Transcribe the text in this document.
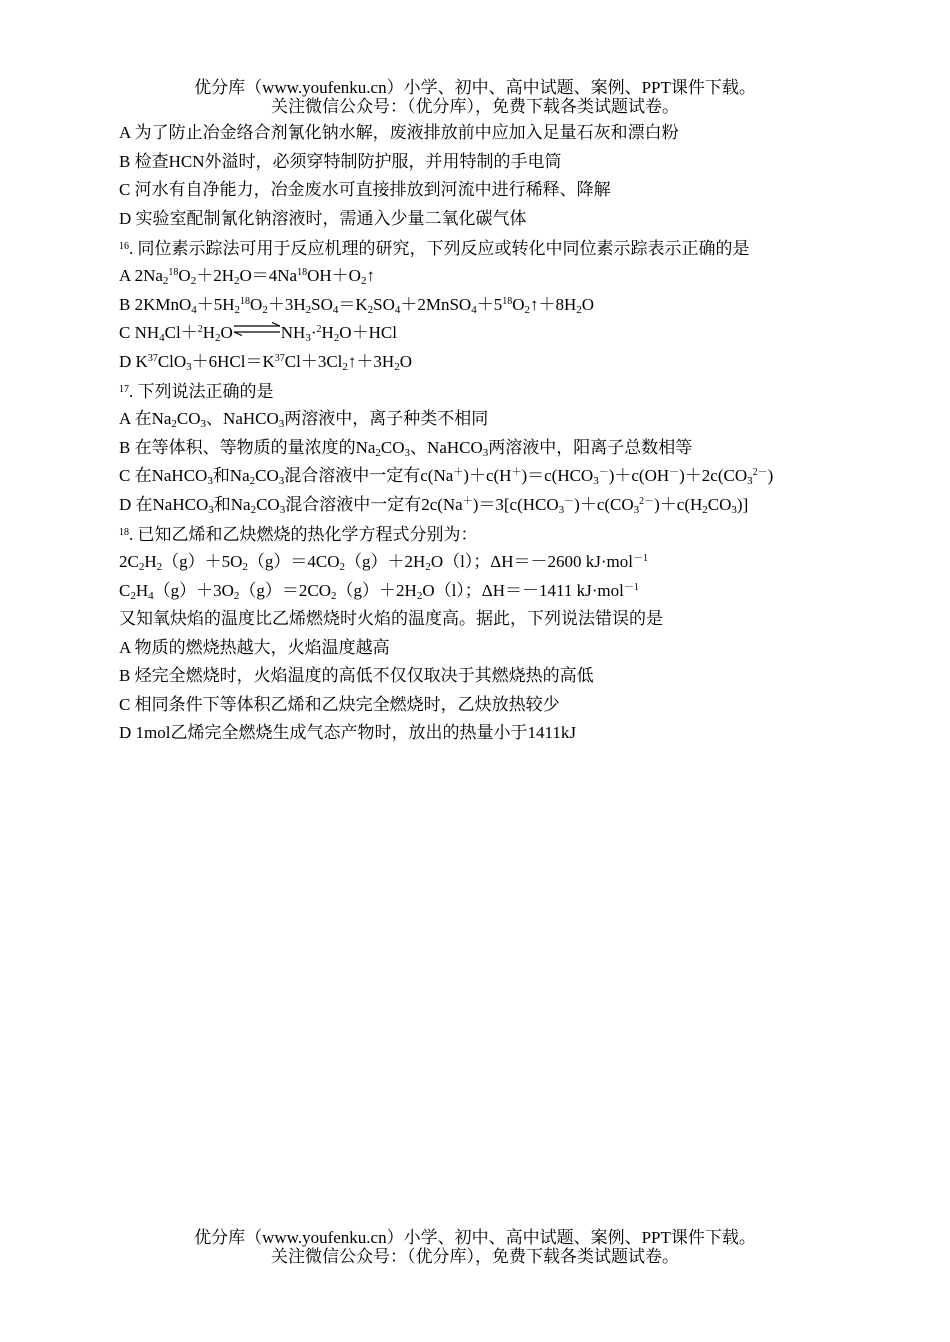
优分库（www.youfenku.cn）小学、初中、高中试题、案例、PPT课件下载。
关注微信公众号：（优分库），免费下载各类试题试卷。
A 为了防止冶金络合剂氰化钠水解，废液排放前中应加入足量石灰和漂白粉
B 检查HCN外溢时，必须穿特制防护服，并用特制的手电筒
C 河水有自净能力，冶金废水可直接排放到河流中进行稀释、降解
D 实验室配制氰化钠溶液时，需通入少量二氧化碳气体
$^{16}$. 同位素示踪法可用于反应机理的研究，下列反应或转化中同位素示踪表示正确的是
A $2Na_2^{18}O_2+2H_2O=4Na^{18}OH+O_2↑$
B $2KMnO_4+5H_2^{18}O_2+3H_2SO_4=K_2SO_4+2MnSO_4+5^{18}O_2↑+8H_2O$
C $NH_4Cl+^2H_2O\rightleftharpoons NH_3\cdot^2H_2O+HCl$
D $K^{37}ClO_3+6HCl=K^{37}Cl+3Cl_2↑+3H_2O$
$^{17}$. 下列说法正确的是
A 在$Na_2CO_3$、NaHCO$_3$两溶液中，离子种类不相同
B 在等体积、等物质的量浓度的$Na_2CO_3$、NaHCO$_3$两溶液中，阳离子总数相等
C 在NaHCO$_3$和$Na_2CO_3$混合溶液中一定有$c(Na^+)+c(H^+)=c(HCO_3^-)+c(OH^-)+2c(CO_3^{2-})$
D 在NaHCO$_3$和$Na_2CO_3$混合溶液中一定有$2c(Na^+)=3[c(HCO_3^-)+c(CO_3^{2-})+c(H_2CO_3)]$
$^{18}$. 已知乙烯和乙炔燃烧的热化学方程式分别为：
$2C_2H_2(g)+5O_2(g)=4CO_2(g)+2H_2O(l)$；ΔH＝－2600 kJ·mol$^{-1}$
$C_2H_4(g)+3O_2(g)=2CO_2(g)+2H_2O(l)$；ΔH＝－1411 kJ·mol$^{-1}$
又知氧炔焰的温度比乙烯燃烧时火焰的温度高。据此，下列说法错误的是
A 物质的燃烧热越大，火焰温度越高
B 烃完全燃烧时，火焰温度的高低不仅仅取决于其燃烧热的高低
C 相同条件下等体积乙烯和乙炔完全燃烧时，乙炔放热较少
D 1mol乙烯完全燃烧生成气态产物时，放出的热量小于1411kJ
优分库（www.youfenku.cn）小学、初中、高中试题、案例、PPT课件下载。
关注微信公众号：（优分库），免费下载各类试题试卷。
